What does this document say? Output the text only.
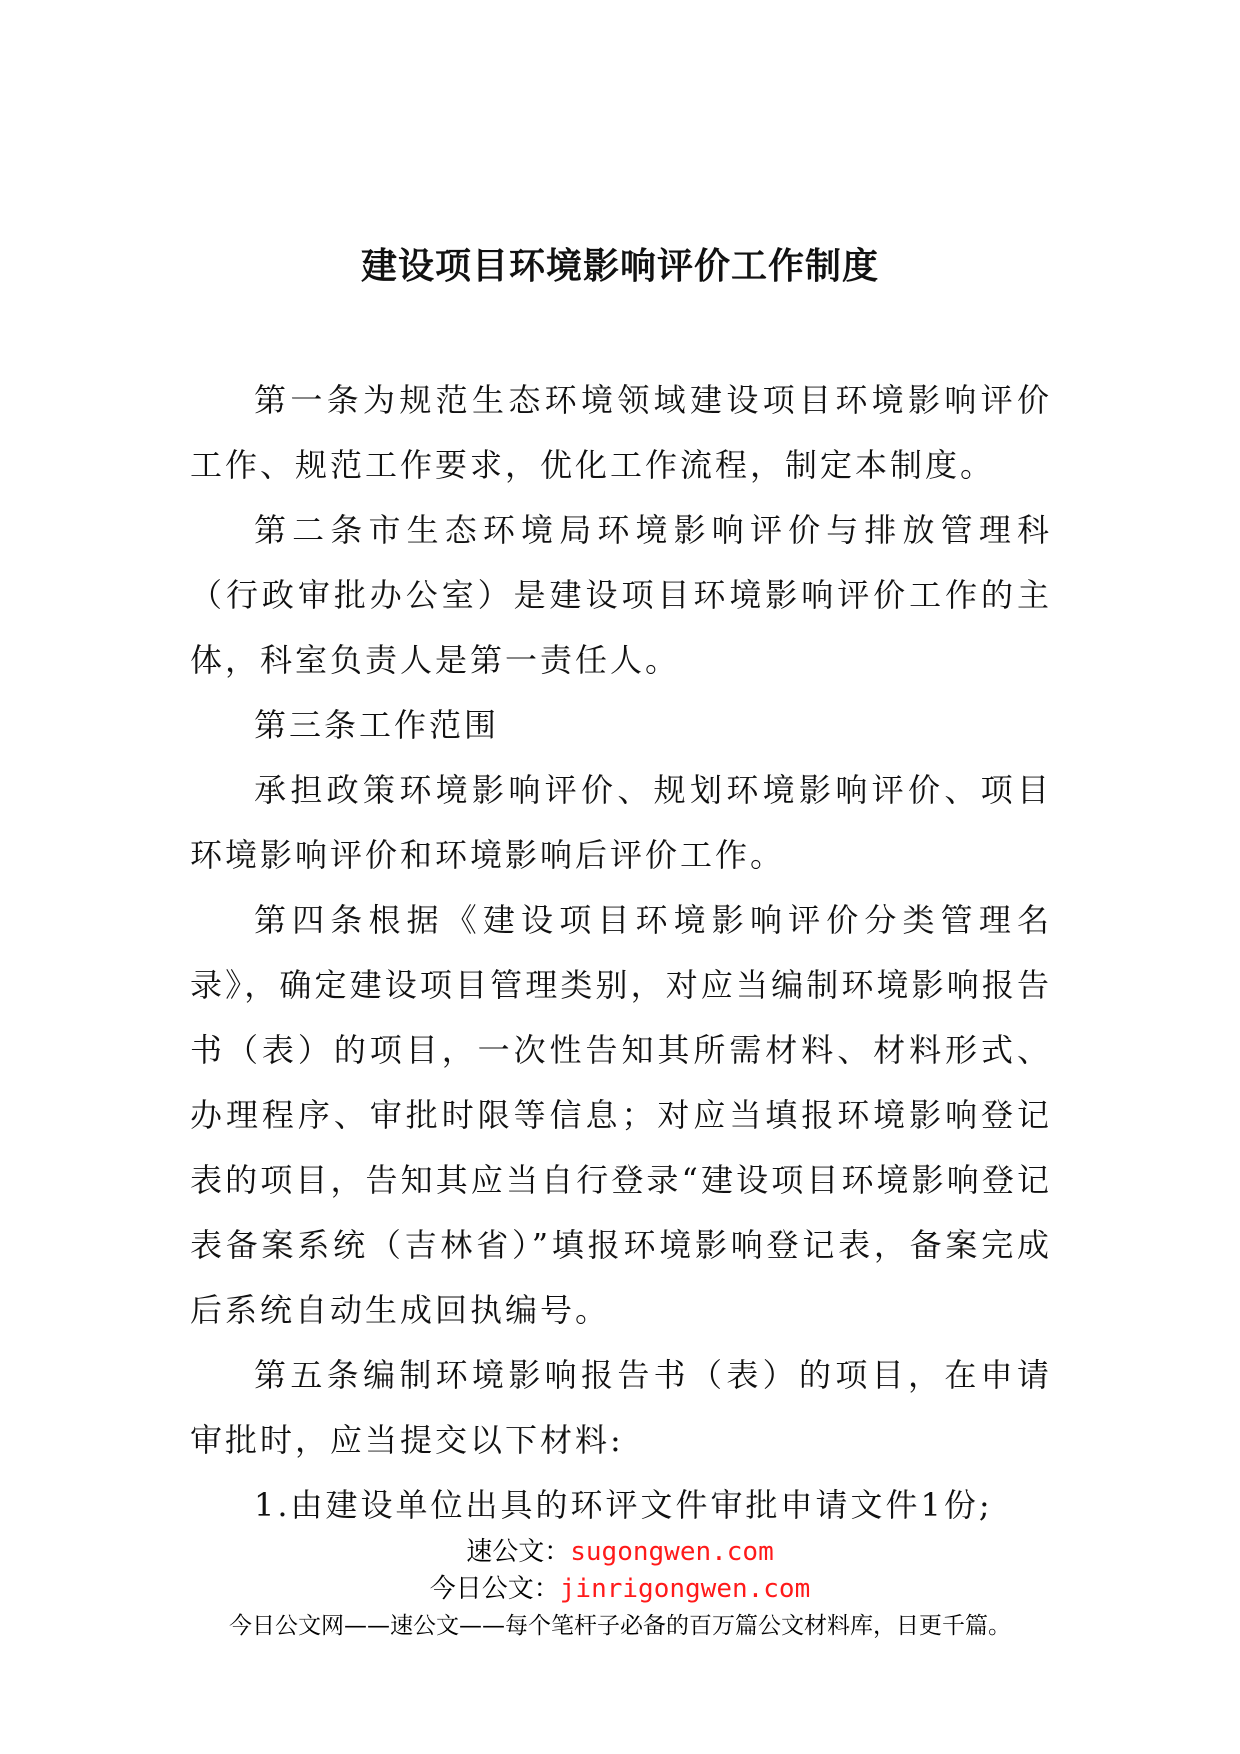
建设项目环境影响评价工作制度

第一条为规范生态环境领域建设项目环境影响评价工作、规范工作要求，优化工作流程，制定本制度。

第二条市生态环境局环境影响评价与排放管理科（行政审批办公室）是建设项目环境影响评价工作的主体，科室负责人是第一责任人。

第三条工作范围

承担政策环境影响评价、规划环境影响评价、项目环境影响评价和环境影响后评价工作。

第四条根据《建设项目环境影响评价分类管理名录》，确定建设项目管理类别，对应当编制环境影响报告书（表）的项目，一次性告知其所需材料、材料形式、办理程序、审批时限等信息；对应当填报环境影响登记表的项目，告知其应当自行登录“建设项目环境影响登记表备案系统（吉林省）”填报环境影响登记表，备案完成后系统自动生成回执编号。

第五条编制环境影响报告书（表）的项目，在申请审批时，应当提交以下材料:

1.由建设单位出具的环评文件审批申请文件1份;

速公文：sugongwen.com
今日公文：jinrigongwen.com
今日公文网——速公文——每个笔杆子必备的百万篇公文材料库，日更千篇。
